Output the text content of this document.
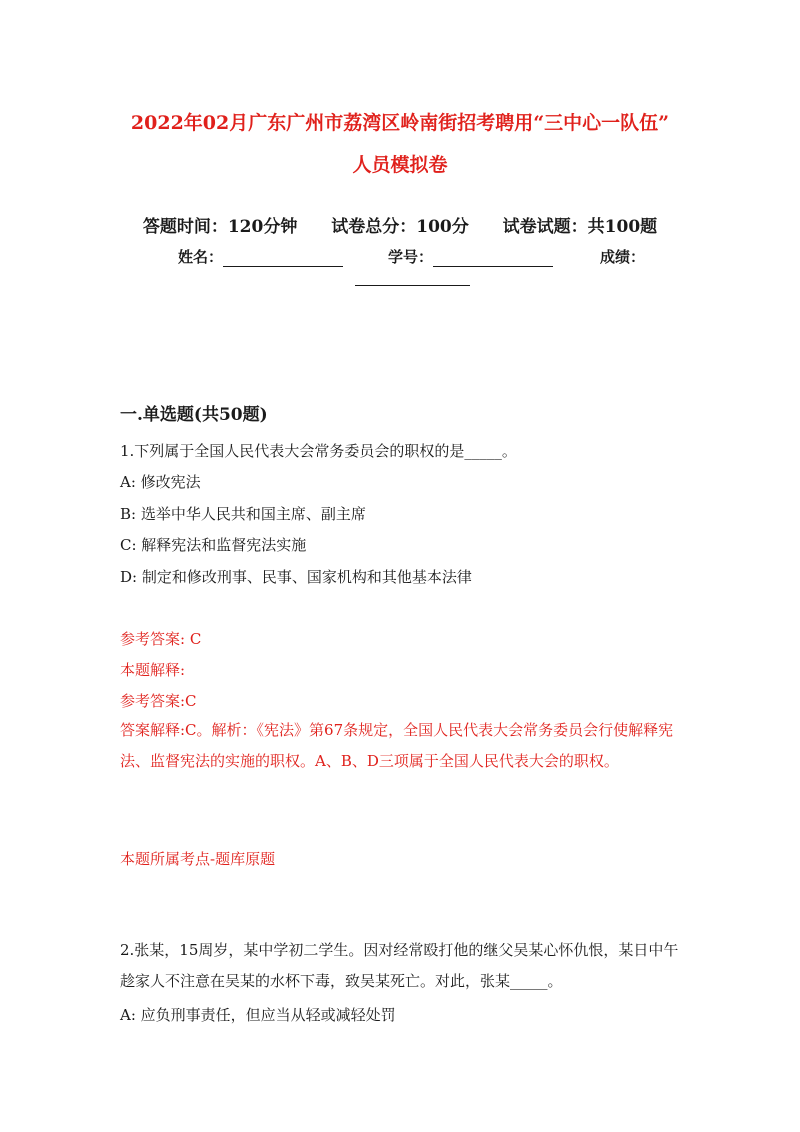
2022年02月广东广州市荔湾区岭南街招考聘用“三中心一队伍”
人员模拟卷
答题时间：120分钟 试卷总分：100分 试卷试题：共100题
姓名：	学号：	成绩：
一.单选题(共50题)
1.下列属于全国人民代表大会常务委员会的职权的是_____。
A: 修改宪法
B: 选举中华人民共和国主席、副主席
C: 解释宪法和监督宪法实施
D: 制定和修改刑事、民事、国家机构和其他基本法律
参考答案: C
本题解释:
参考答案:C
答案解释:C。解析：《宪法》第67条规定，全国人民代表大会常务委员会行使解释宪法、监督宪法的实施的职权。A、B、D三项属于全国人民代表大会的职权。
本题所属考点-题库原题
2.张某，15周岁，某中学初二学生。因对经常殴打他的继父吴某心怀仇恨，某日中午趁家人不注意在吴某的水杯下毒，致吴某死亡。对此，张某_____。
A: 应负刑事责任，但应当从轻或减轻处罚
